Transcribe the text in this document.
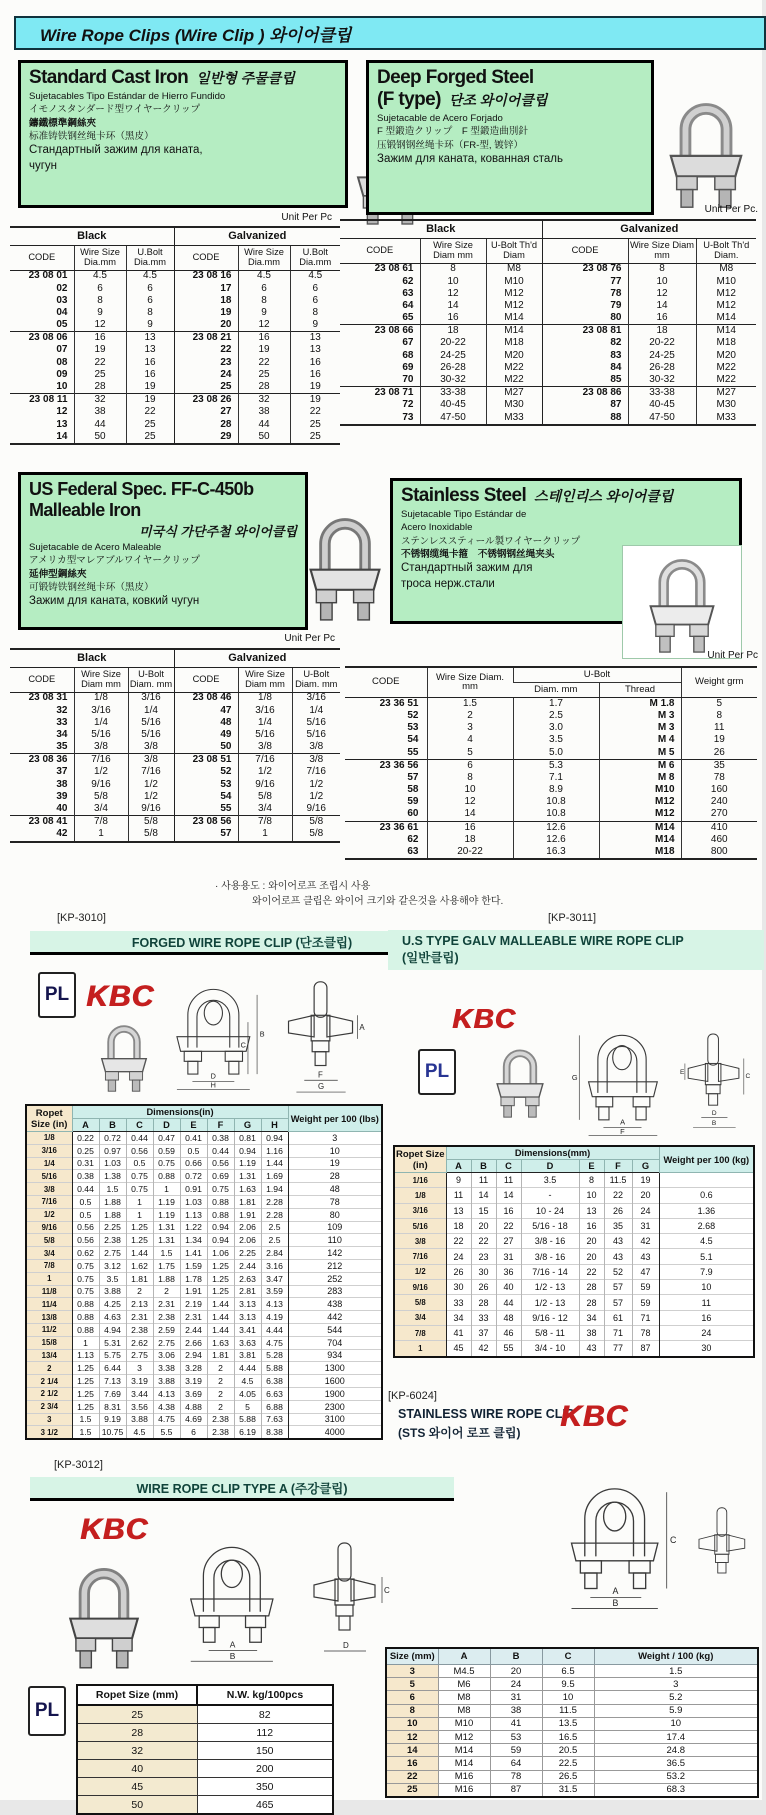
Wire Rope Clips (Wire Clip ) 와이어클립
Standard Cast Iron 일반형 주물클립
Sujetacables Tipo Estándar de Hierro Fundido
イモノスタンダード型ワイヤークリップ
鑄鐵標準鋼絲夾
标准铸铁钢丝绳卡环（黑皮）
Стандартный зажим для каната,
чугун
Deep Forged Steel
(F type) 단조 와이어클립
Sujetacable de Acero Forjado
F 型鍛造クリップ　F 型鍛造曲別針
压锻钢钢丝绳卡环（FR-型, 镀锌）
Зажим для каната, кованная сталь
Unit Per Pc
Black			Galvanized		
CODE	Wire Size Dia.mm	U.Bolt Dia.mm	CODE	Wire Size Dia.mm	U.Bolt Dia.mm
23 08 01	4.5	4.5	23 08 16	4.5	4.5
02	6	6	17	6	6
03	8	6	18	8	6
04	9	8	19	9	8
05	12	9	20	12	9
23 08 06	16	13	23 08 21	16	13
07	19	13	22	19	13
08	22	16	23	22	16
09	25	16	24	25	16
10	28	19	25	28	19
23 08 11	32	19	23 08 26	32	19
12	38	22	27	38	22
13	44	25	28	44	25
14	50	25	29	50	25
Unit Per Pc.
Black			Galvanized		
CODE	Wire Size Diam mm	U-Bolt Th'd Diam	CODE	Wire Size Diam mm	U-Bolt Th'd Diam.
23 08 61	8	M8	23 08 76	8	M8
62	10	M10	77	10	M10
63	12	M12	78	12	M12
64	14	M12	79	14	M12
65	16	M14	80	16	M14
23 08 66	18	M14	23 08 81	18	M14
67	20-22	M18	82	20-22	M18
68	24-25	M20	83	24-25	M20
69	26-28	M22	84	26-28	M22
70	30-32	M22	85	30-32	M22
23 08 71	33-38	M27	23 08 86	33-38	M27
72	40-45	M30	87	40-45	M30
73	47-50	M33	88	47-50	M33
US Federal Spec. FF-C-450b
Malleable Iron
미국식 가단주철 와이어클립
Sujetacable de Acero Maleable
アメリカ型マレアブルワイヤークリップ
延伸型鋼絲夾
可锻铸铁钢丝绳卡环（黑皮）
Зажим для каната, ковкий чугун
Stainless Steel 스테인리스 와이어클립
Sujetacable Tipo Estándar de
Acero Inoxidable
ステンレススティール製ワイヤークリップ
不锈钢缆绳卡箍　不锈钢钢丝绳夹头
Стандартный зажим для
троса нерж.стали
Unit Per Pc
Black			Galvanized		
CODE	Wire Size Diam mm	U-Bolt Diam. mm	CODE	Wire Size Diam mm	U-Bolt Diam. mm
23 08 31	1/8	3/16	23 08 46	1/8	3/16
32	3/16	1/4	47	3/16	1/4
33	1/4	5/16	48	1/4	5/16
34	5/16	5/16	49	5/16	5/16
35	3/8	3/8	50	3/8	3/8
23 08 36	7/16	3/8	23 08 51	7/16	3/8
37	1/2	7/16	52	1/2	7/16
38	9/16	1/2	53	9/16	1/2
39	5/8	1/2	54	5/8	1/2
40	3/4	9/16	55	3/4	9/16
23 08 41	7/8	5/8	23 08 56	7/8	5/8
42	1	5/8	57	1	5/8
Unit Per Pc
CODE	Wire Size Diam. mm	U-Bolt		Weight grm
		Diam. mm	Thread	
23 36 51	1.5	1.7	M 1.8	5
52	2	2.5	M 3	8
53	3	3.0	M 3	11
54	4	3.5	M 4	19
55	5	5.0	M 5	26
23 36 56	6	5.3	M 6	35
57	8	7.1	M 8	78
58	10	8.9	M10	160
59	12	10.8	M12	240
60	14	10.8	M12	270
23 36 61	16	12.6	M14	410
62	18	12.6	M14	460
63	20-22	16.3	M18	800
· 사용용도 : 와이어로프 조립시 사용
와이어로프 클립은 와이어 크기와 같은것을 사용해야 한다.
[KP-3010]
FORGED WIRE ROPE CLIP (단조클립)
PL KBC
B
C
D
H
A
F
G
Ropet Size (in)	Dimensions(in)								Weight per 100 (lbs)
	A	B	C	D	E	F	G	H	
1/8	0.22	0.72	0.44	0.47	0.41	0.38	0.81	0.94	3
3/16	0.25	0.97	0.56	0.59	0.5	0.44	0.94	1.16	10
1/4	0.31	1.03	0.5	0.75	0.66	0.56	1.19	1.44	19
5/16	0.38	1.38	0.75	0.88	0.72	0.69	1.31	1.69	28
3/8	0.44	1.5	0.75	1	0.91	0.75	1.63	1.94	48
7/16	0.5	1.88	1	1.19	1.03	0.88	1.81	2.28	78
1/2	0.5	1.88	1	1.19	1.13	0.88	1.91	2.28	80
9/16	0.56	2.25	1.25	1.31	1.22	0.94	2.06	2.5	109
5/8	0.56	2.38	1.25	1.31	1.34	0.94	2.06	2.5	110
3/4	0.62	2.75	1.44	1.5	1.41	1.06	2.25	2.84	142
7/8	0.75	3.12	1.62	1.75	1.59	1.25	2.44	3.16	212
1	0.75	3.5	1.81	1.88	1.78	1.25	2.63	3.47	252
11/8	0.75	3.88	2	2	1.91	1.25	2.81	3.59	283
11/4	0.88	4.25	2.13	2.31	2.19	1.44	3.13	4.13	438
13/8	0.88	4.63	2.31	2.38	2.31	1.44	3.13	4.19	442
11/2	0.88	4.94	2.38	2.59	2.44	1.44	3.41	4.44	544
15/8	1	5.31	2.62	2.75	2.66	1.63	3.63	4.75	704
13/4	1.13	5.75	2.75	3.06	2.94	1.81	3.81	5.28	934
2	1.25	6.44	3	3.38	3.28	2	4.44	5.88	1300
2 1/4	1.25	7.13	3.19	3.88	3.19	2	4.5	6.38	1600
2 1/2	1.25	7.69	3.44	4.13	3.69	2	4.05	6.63	1900
2 3/4	1.25	8.31	3.56	4.38	4.88	2	5	6.88	2300
3	1.5	9.19	3.88	4.75	4.69	2.38	5.88	7.63	3100
3 1/2	1.5	10.75	4.5	5.5	6	2.38	6.19	8.38	4000
[KP-3011]
U.S TYPE GALV MALLEABLE WIRE ROPE CLIP
(일반클립)
KBC
PL	G
A
F
E
C
D
B
Ropet Size (in)	Dimensions(mm)							Weight per 100 (kg)
	A	B	C	D	E	F	G	
1/16	9	11	11	3.5	8	11.5	19	
1/8	11	14	14	-	10	22	20	0.6
3/16	13	15	16	10 - 24	13	26	24	1.36
5/16	18	20	22	5/16 - 18	16	35	31	2.68
3/8	22	22	27	3/8 - 16	20	43	42	4.5
7/16	24	23	31	3/8 - 16	20	43	43	5.1
1/2	26	30	36	7/16 - 14	22	52	47	7.9
9/16	30	26	40	1/2 - 13	28	57	59	10
5/8	33	28	44	1/2 - 13	28	57	59	11
3/4	34	33	48	9/16 - 12	34	61	71	16
7/8	41	37	46	5/8 - 11	38	71	78	24
1	45	42	55	3/4 - 10	43	77	87	30
[KP-6024]
STAINLESS WIRE ROPE CLIP
(STS 와이어 로프 클립) KBC
C
A
B
Size (mm)	A	B	C	Weight / 100 (kg)
3	M4.5	20	6.5	1.5
5	M6	24	9.5	3
6	M8	31	10	5.2
8	M8	38	11.5	5.9
10	M10	41	13.5	10
12	M12	53	16.5	17.4
14	M14	59	20.5	24.8
16	M14	64	22.5	36.5
22	M16	78	26.5	53.2
25	M16	87	31.5	68.3
[KP-3012]
WIRE ROPE CLIP TYPE A (주강클립)
KBC
A
B
C
D
PL
Ropet Size (mm)	N.W. kg/100pcs
25	82
28	112
32	150
40	200
45	350
50	465
